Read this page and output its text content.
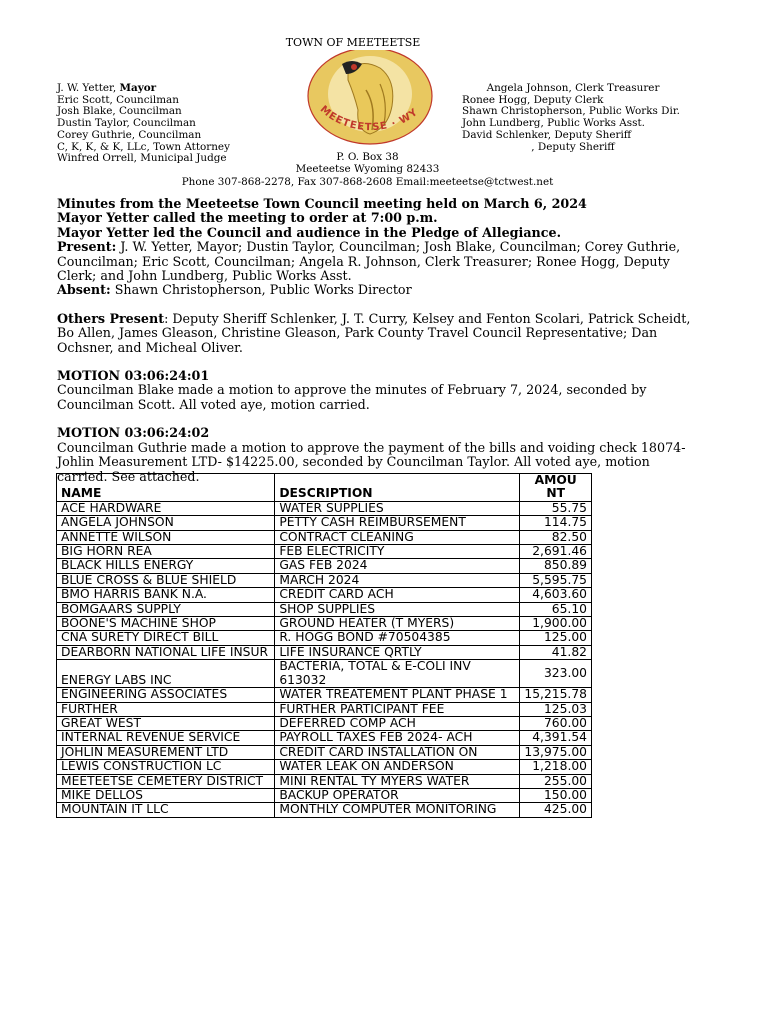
TOWN OF MEETEETSE
J. W. Yetter, Mayor
Eric Scott, Councilman
Josh Blake, Councilman
Dustin Taylor, Councilman
Corey Guthrie, Councilman
C, K, K, & K, LLc, Town Attorney
Winfred Orrell, Municipal Judge
MEETEETSE · WY
Angela Johnson, Clerk Treasurer
Ronee Hogg, Deputy Clerk
Shawn Christopherson, Public Works Dir.
John Lundberg, Public Works Asst.
David Schlenker, Deputy Sheriff
, Deputy Sheriff
P. O. Box 38
Meeteetse Wyoming 82433
Phone 307-868-2278, Fax 307-868-2608 Email:meeteetse@tctwest.net

Minutes from the Meeteetse Town Council meeting held on March 6, 2024

Mayor Yetter called the meeting to order at 7:00 p.m.

Mayor Yetter led the Council and audience in the Pledge of Allegiance.

Present: J. W. Yetter, Mayor; Dustin Taylor, Councilman; Josh Blake, Councilman; Corey Guthrie, Councilman; Eric Scott, Councilman; Angela R. Johnson, Clerk Treasurer; Ronee Hogg, Deputy Clerk; and John Lundberg, Public Works Asst.

Absent: Shawn Christopherson, Public Works Director

Others Present: Deputy Sheriff Schlenker, J. T. Curry, Kelsey and Fenton Scolari, Patrick Scheidt, Bo Allen, James Gleason, Christine Gleason, Park County Travel Council Representative; Dan Ochsner, and Micheal Oliver.

MOTION 03:06:24:01

Councilman Blake made a motion to approve the minutes of February 7, 2024, seconded by Councilman Scott. All voted aye, motion carried.

MOTION 03:06:24:02

Councilman Guthrie made a motion to approve the payment of the bills and voiding check 18074- Johlin Measurement LTD- $14225.00, seconded by Councilman Taylor. All voted aye, motion carried. See attached.

NAME	DESCRIPTION	AMOU NT
ACE HARDWARE	WATER SUPPLIES	55.75
ANGELA JOHNSON	PETTY CASH REIMBURSEMENT	114.75
ANNETTE WILSON	CONTRACT CLEANING	82.50
BIG HORN REA	FEB ELECTRICITY	2,691.46
BLACK HILLS ENERGY	GAS FEB 2024	850.89
BLUE CROSS & BLUE SHIELD	MARCH 2024	5,595.75
BMO HARRIS BANK N.A.	CREDIT CARD ACH	4,603.60
BOMGAARS SUPPLY	SHOP SUPPLIES	65.10
BOONE'S MACHINE SHOP	GROUND HEATER (T MYERS)	1,900.00
CNA SURETY DIRECT BILL	R. HOGG BOND #70504385	125.00
DEARBORN NATIONAL LIFE INSUR	LIFE INSURANCE QRTLY	41.82
ENERGY LABS INC	BACTERIA, TOTAL & E-COLI INV 613032	323.00
ENGINEERING ASSOCIATES	WATER TREATEMENT PLANT PHASE 1	15,215.78
FURTHER	FURTHER PARTICIPANT FEE	125.03
GREAT WEST	DEFERRED COMP ACH	760.00
INTERNAL REVENUE SERVICE	PAYROLL TAXES FEB 2024- ACH	4,391.54
JOHLIN MEASUREMENT LTD	CREDIT CARD INSTALLATION ON	13,975.00
LEWIS CONSTRUCTION LC	WATER LEAK ON ANDERSON	1,218.00
MEETEETSE CEMETERY DISTRICT	MINI RENTAL TY MYERS WATER	255.00
MIKE DELLOS	BACKUP OPERATOR	150.00
MOUNTAIN IT LLC	MONTHLY COMPUTER MONITORING	425.00
